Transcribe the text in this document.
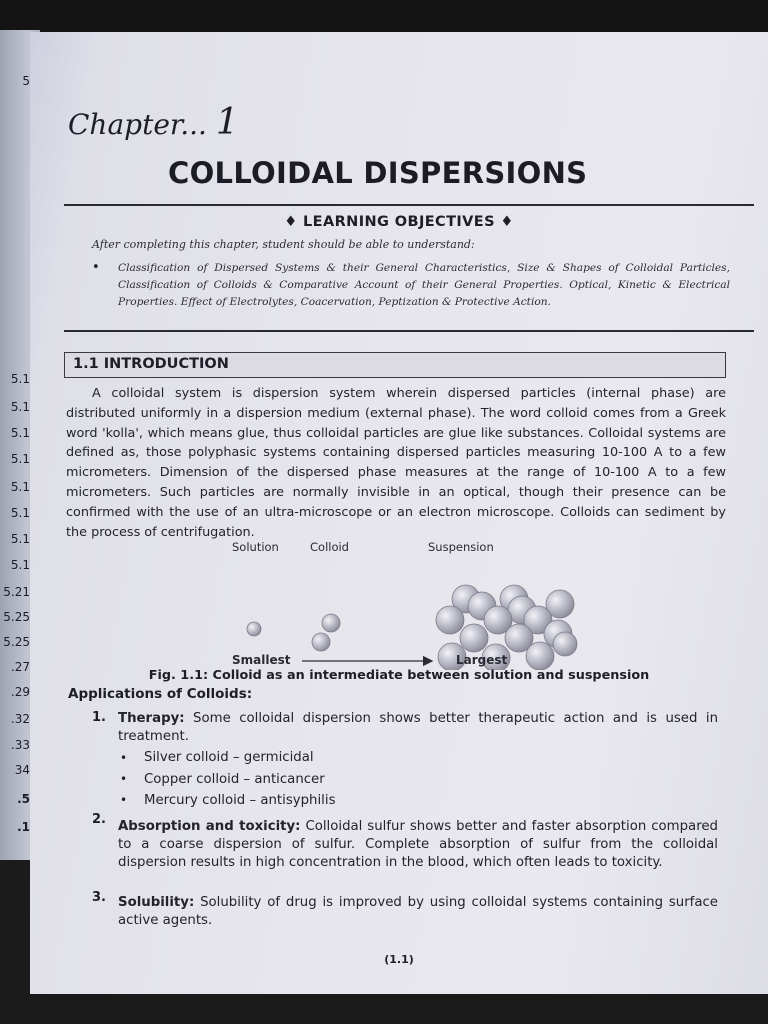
5
5.1
5.1
5.1
5.1
5.1
5.1
5.1
5.1
5.21
5.25
5.25
.27
.29
.32
.33
34
.5
.1
Chapter... 1
COLLOIDAL DISPERSIONS
♦ LEARNING OBJECTIVES ♦
After completing this chapter, student should be able to understand:
• Classification of Dispersed Systems & their General Characteristics, Size & Shapes of Colloidal Particles, Classification of Colloids & Comparative Account of their General Properties. Optical, Kinetic & Electrical Properties. Effect of Electrolytes, Coacervation, Peptization & Protective Action.
1.1 INTRODUCTION
A colloidal system is dispersion system wherein dispersed particles (internal phase) are distributed uniformly in a dispersion medium (external phase). The word colloid comes from a Greek word 'kolla', which means glue, thus colloidal particles are glue like substances. Colloidal systems are defined as, those polyphasic systems containing dispersed particles measuring 10-100 A to a few micrometers. Dimension of the dispersed phase measures at the range of 10-100 A to a few micrometers. Such particles are normally invisible in an optical, though their presence can be confirmed with the use of an ultra-microscope or an electron microscope. Colloids can sediment by the process of centrifugation.
Solution	Colloid	Suspension
Smallest	Largest
Fig. 1.1: Colloid as an intermediate between solution and suspension
Applications of Colloids:
1. Therapy: Some colloidal dispersion shows better therapeutic action and is used in treatment.
• Silver colloid – germicidal
• Copper colloid – anticancer
• Mercury colloid – antisyphilis
2. Absorption and toxicity: Colloidal sulfur shows better and faster absorption compared to a coarse dispersion of sulfur. Complete absorption of sulfur from the colloidal dispersion results in high concentration in the blood, which often leads to toxicity.
3. Solubility: Solubility of drug is improved by using colloidal systems containing surface active agents.
(1.1)
